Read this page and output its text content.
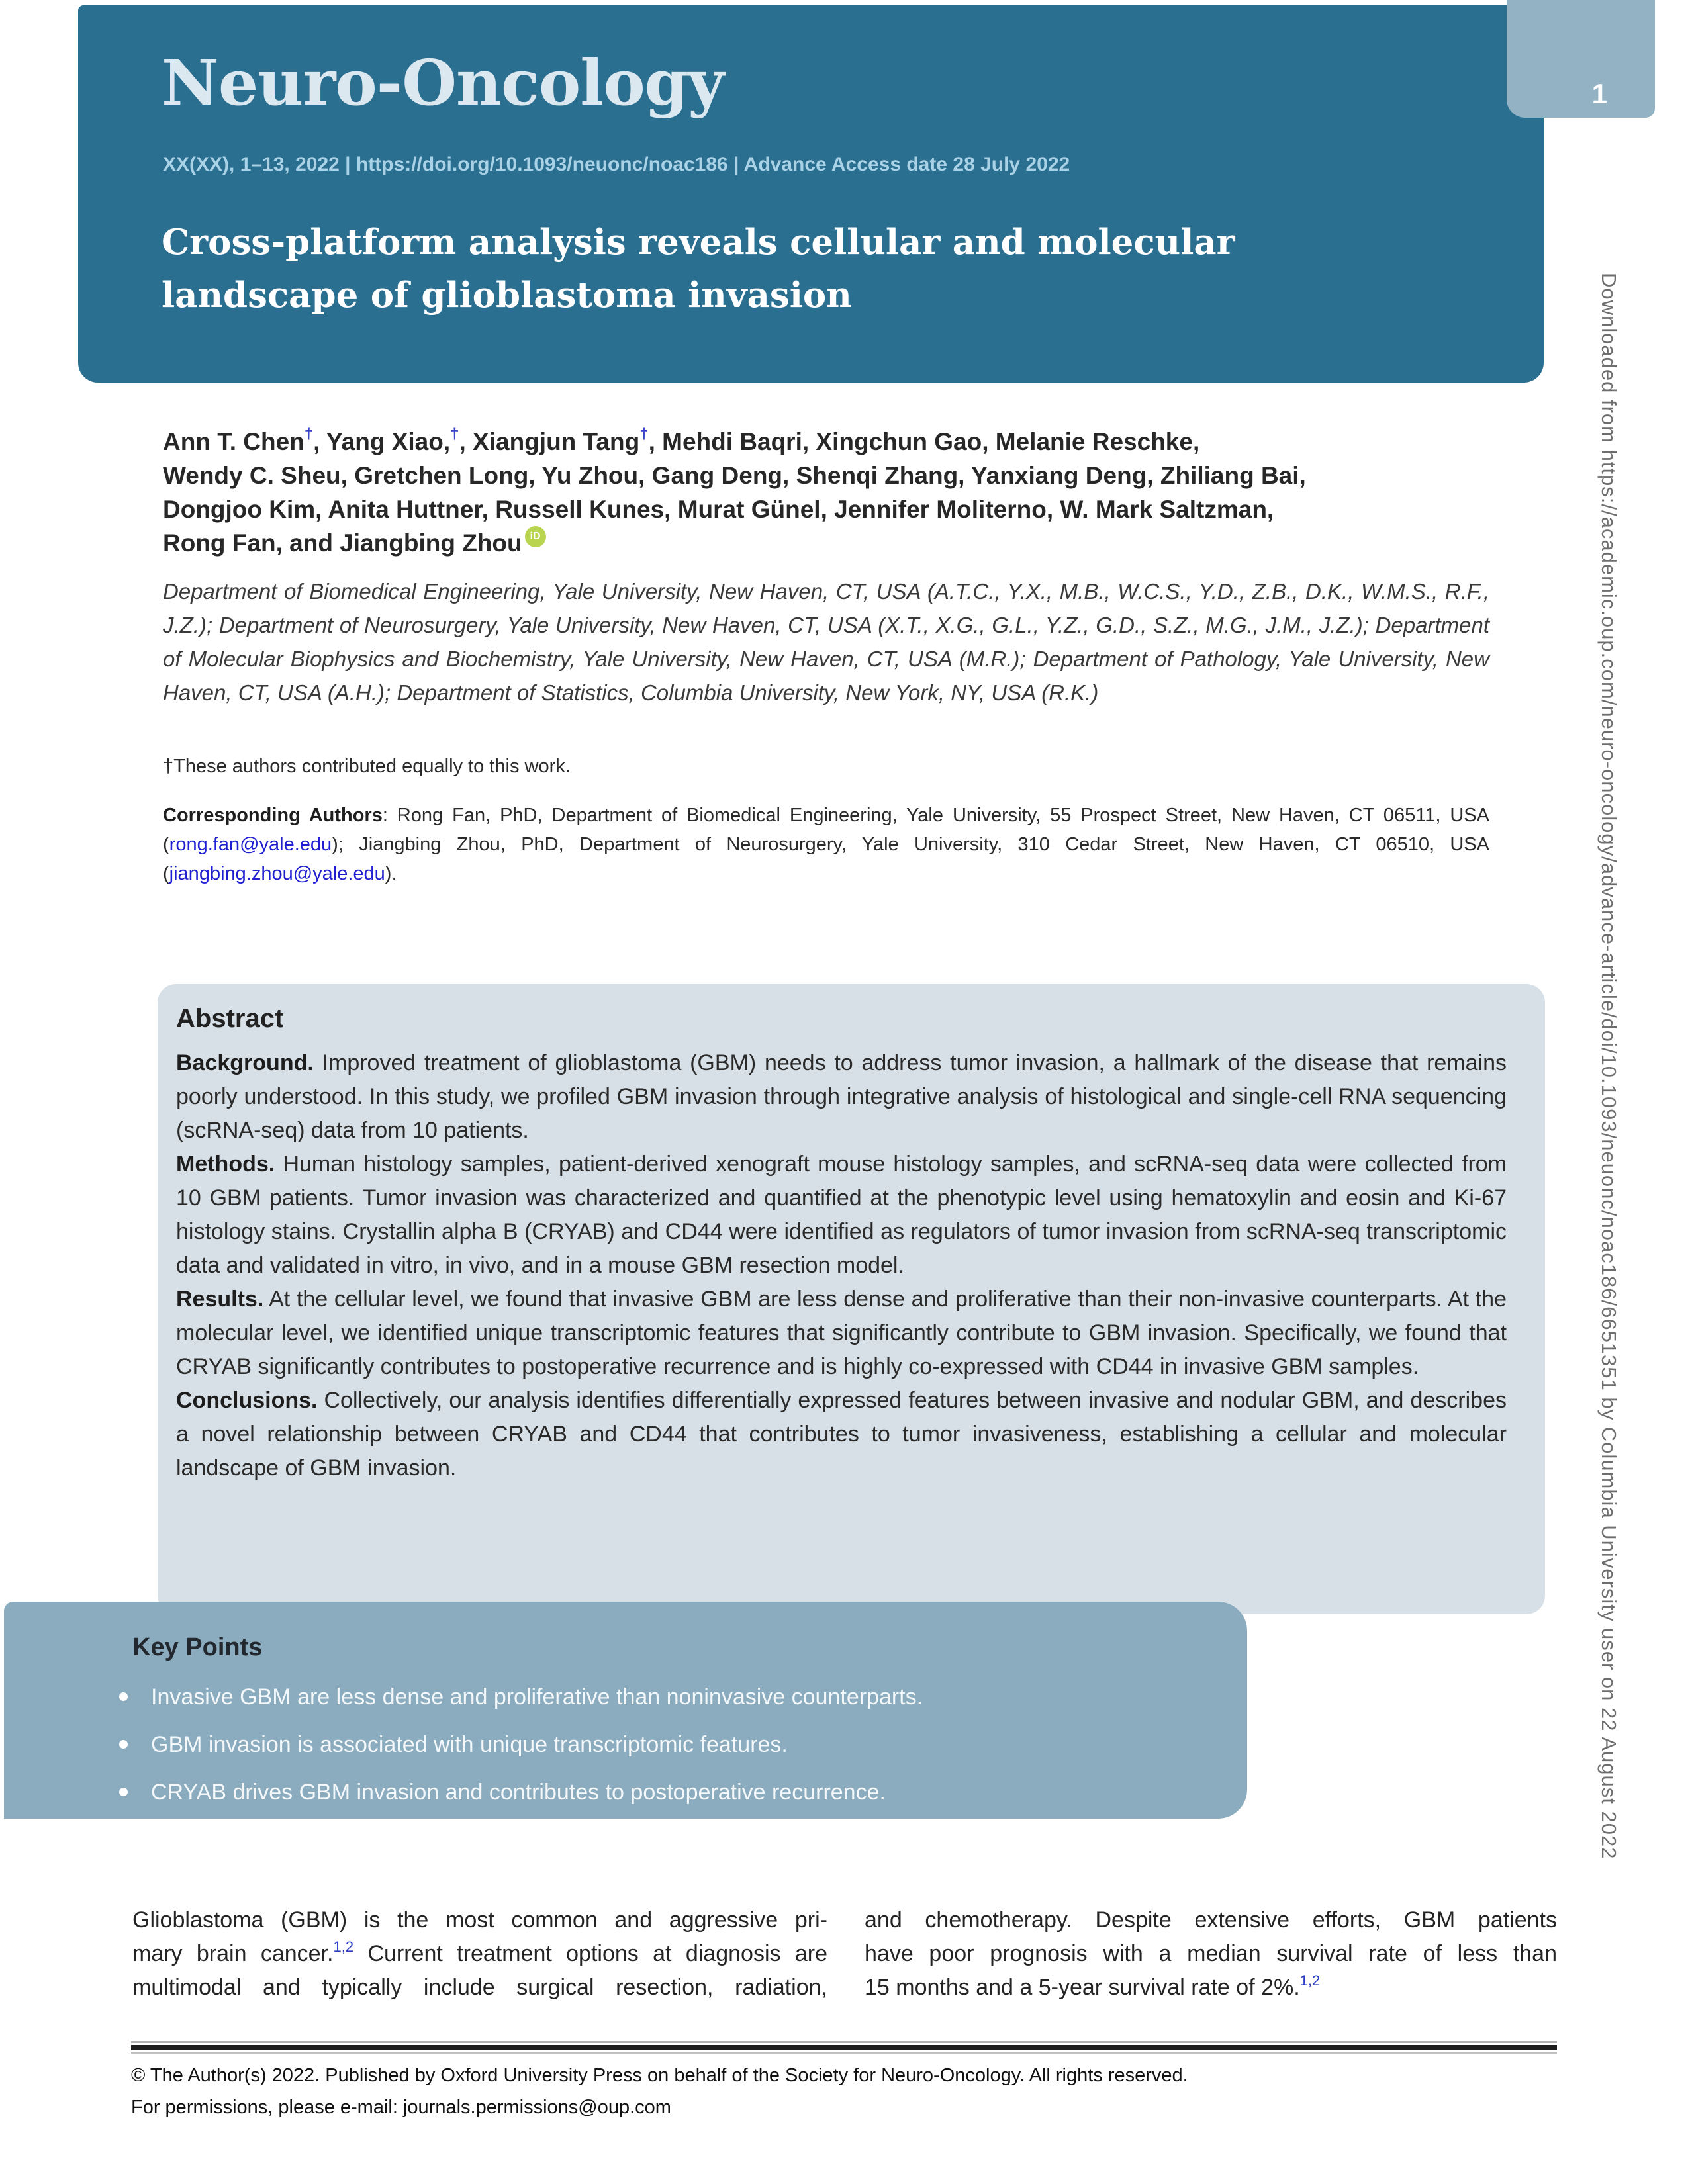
Neuro-Oncology
XX(XX), 1–13, 2022 | https://doi.org/10.1093/neuonc/noac186 | Advance Access date 28 July 2022
Cross-platform analysis reveals cellular and molecular
landscape of glioblastoma invasion
1
Ann T. Chen†, Yang Xiao,†, Xiangjun Tang†, Mehdi Baqri, Xingchun Gao, Melanie Reschke,
Wendy C. Sheu, Gretchen Long, Yu Zhou, Gang Deng, Shenqi Zhang, Yanxiang Deng, Zhiliang Bai,
Dongjoo Kim, Anita Huttner, Russell Kunes, Murat Günel, Jennifer Moliterno, W. Mark Saltzman,
Rong Fan, and Jiangbing Zhou iD
Department of Biomedical Engineering, Yale University, New Haven, CT, USA (A.T.C., Y.X., M.B., W.C.S., Y.D., Z.B., D.K., W.M.S., R.F., J.Z.); Department of Neurosurgery, Yale University, New Haven, CT, USA (X.T., X.G., G.L., Y.Z., G.D., S.Z., M.G., J.M., J.Z.); Department of Molecular Biophysics and Biochemistry, Yale University, New Haven, CT, USA (M.R.); Department of Pathology, Yale University, New Haven, CT, USA (A.H.); Department of Statistics, Columbia University, New York, NY, USA (R.K.)
†These authors contributed equally to this work.
Corresponding Authors: Rong Fan, PhD, Department of Biomedical Engineering, Yale University, 55 Prospect Street, New Haven, CT 06511, USA (rong.fan@yale.edu); Jiangbing Zhou, PhD, Department of Neurosurgery, Yale University, 310 Cedar Street, New Haven, CT 06510, USA (jiangbing.zhou@yale.edu).
Abstract

Background. Improved treatment of glioblastoma (GBM) needs to address tumor invasion, a hallmark of the disease that remains poorly understood. In this study, we profiled GBM invasion through integrative analysis of histological and single-cell RNA sequencing (scRNA-seq) data from 10 patients.

Methods. Human histology samples, patient-derived xenograft mouse histology samples, and scRNA-seq data were collected from 10 GBM patients. Tumor invasion was characterized and quantified at the phenotypic level using hematoxylin and eosin and Ki-67 histology stains. Crystallin alpha B (CRYAB) and CD44 were identified as regulators of tumor invasion from scRNA-seq transcriptomic data and validated in vitro, in vivo, and in a mouse GBM resection model.

Results. At the cellular level, we found that invasive GBM are less dense and proliferative than their non-invasive counterparts. At the molecular level, we identified unique transcriptomic features that significantly contribute to GBM invasion. Specifically, we found that CRYAB significantly contributes to postoperative recurrence and is highly co-expressed with CD44 in invasive GBM samples.

Conclusions. Collectively, our analysis identifies differentially expressed features between invasive and nodular GBM, and describes a novel relationship between CRYAB and CD44 that contributes to tumor invasiveness, establishing a cellular and molecular landscape of GBM invasion.

Key Points
Invasive GBM are less dense and proliferative than noninvasive counterparts.
GBM invasion is associated with unique transcriptomic features.
CRYAB drives GBM invasion and contributes to postoperative recurrence.
Glioblastoma (GBM) is the most common and aggressive pri-
mary brain cancer.$^{1,2}$ Current treatment options at diagnosis are
multimodal and typically include surgical resection, radiation,
and chemotherapy. Despite extensive efforts, GBM patients
have poor prognosis with a median survival rate of less than
15 months and a 5-year survival rate of 2%.$^{1,2}$
© The Author(s) 2022. Published by Oxford University Press on behalf of the Society for Neuro-Oncology. All rights reserved.
For permissions, please e-mail: journals.permissions@oup.com
Downloaded from https://academic.oup.com/neuro-oncology/advance-article/doi/10.1093/neuonc/noac186/6651351 by Columbia University user on 22 August 2022
